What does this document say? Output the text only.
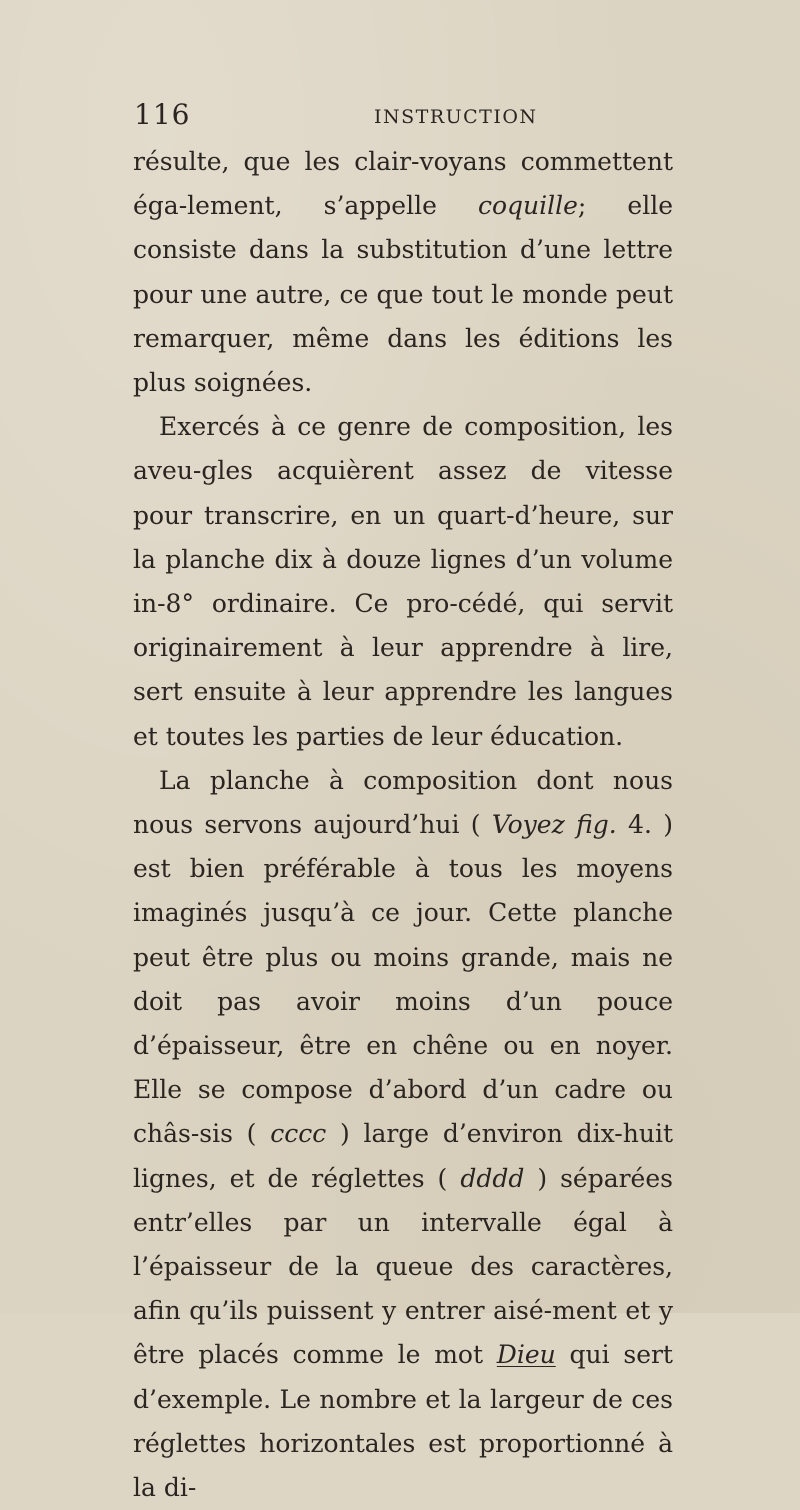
116	INSTRUCTION

résulte, que les clair-voyans commettent éga-lement, s’appelle coquille; elle consiste dans la substitution d’une lettre pour une autre, ce que tout le monde peut remarquer, même dans les éditions les plus soignées.

Exercés à ce genre de composition, les aveu-gles acquièrent assez de vitesse pour transcrire, en un quart-d’heure, sur la planche dix à douze lignes d’un volume in-8° ordinaire. Ce pro-cédé, qui servit originairement à leur apprendre à lire, sert ensuite à leur apprendre les langues et toutes les parties de leur éducation.

La planche à composition dont nous nous servons aujourd’hui ( Voyez fig. 4. ) est bien préférable à tous les moyens imaginés jusqu’à ce jour. Cette planche peut être plus ou moins grande, mais ne doit pas avoir moins d’un pouce d’épaisseur, être en chêne ou en noyer. Elle se compose d’abord d’un cadre ou châs-sis ( cccc ) large d’environ dix-huit lignes, et de réglettes ( dddd ) séparées entr’elles par un intervalle égal à l’épaisseur de la queue des caractères, afin qu’ils puissent y entrer aisé-ment et y être placés comme le mot Dieu qui sert d’exemple. Le nombre et la largeur de ces réglettes horizontales est proportionné à la di-
